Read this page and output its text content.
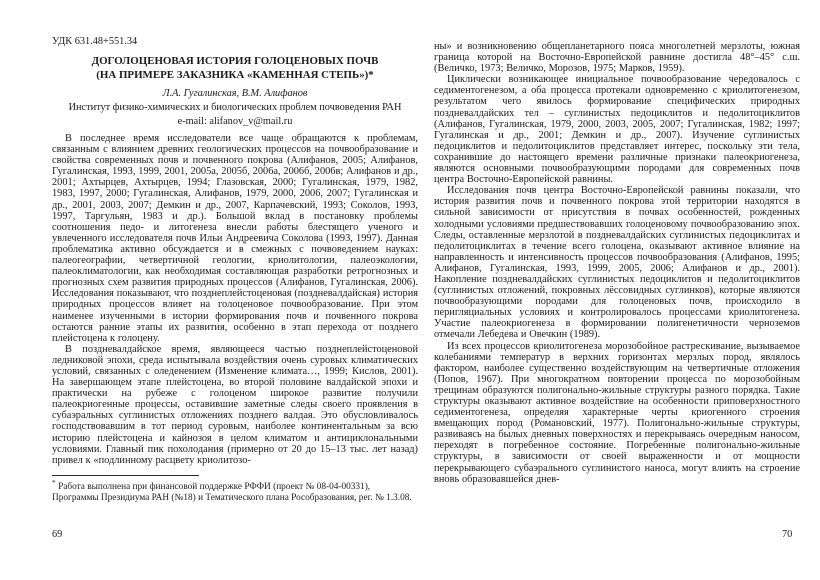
УДК 631.48+551.34

ДОГОЛОЦЕНОВАЯ ИСТОРИЯ ГОЛОЦЕНОВЫХ ПОЧВ
(НА ПРИМЕРЕ ЗАКАЗНИКА «КАМЕННАЯ СТЕПЬ»)*

Л.А. Гугалинская, В.М. Алифанов

Институт физико-химических и биологических проблем почвоведения РАН

e-mail: alifanov_v@mail.ru

В последнее время исследователи все чаще обращаются к проблемам, связанным с влиянием древних геологических процессов на почвообразование и свойства современных почв и почвенного покрова (Алифанов, 2005; Алифанов, Гугалинская, 1993, 1999, 2001, 2005а, 2005б, 2006а, 2006б, 2006в; Алифанов и др., 2001; Ахтырцев, Ахтырцев, 1994; Глазовская, 2000; Гугалинская, 1979, 1982, 1983, 1997, 2000; Гугалинская, Алифанов, 1979, 2000, 2006, 2007; Гугалинская и др., 2001, 2003, 2007; Демкин и др., 2007, Карпачевский, 1993; Соколов, 1993, 1997, Таргульян, 1983 и др.). Большой вклад в постановку проблемы соотношения педо- и литогенеза внесли работы блестящего ученого и увлеченного исследователя почв Ильи Андреевича Соколова (1993, 1997). Данная проблематика активно обсуждается и в смежных с почвоведением науках: палеогеографии, четвертичной геологии, криолитологии, палеоэкологии, палеоклиматологии, как необходимая составляющая разработки ретрогнозных и прогнозных схем развития природных процессов (Алифанов, Гугалинская, 2006). Исследования показывают, что позднеплейстоценовая (поздневалдайская) история природных процессов влияет на голоценовое почвообразование. При этом наименее изученными в истории формирования почв и почвенного покрова остаются ранние этапы их развития, особенно в этап перехода от позднего плейстоцена к голоцену.

В поздневалдайское время, являющееся частью позднеплейстоценовой ледниковой эпохи, среда испытывала воздействия очень суровых климатических условий, связанных с оледенением (Изменение климата…, 1999; Кислов, 2001). На завершающем этапе плейстоцена, во второй половине валдайской эпохи и практически на рубеже с голоценом широкое развитие получили палеокриогенные процессы, оставившие заметные следы своего проявления в субаэральных суглинистых отложениях позднего валдая. Это обусловливалось господствовавшим в тот период суровым, наиболее континентальным за всю историю плейстоцена и кайнозоя в целом климатом и антициклональными условиями. Главный пик похолодания (примерно от 20 до 15–13 тыс. лет назад) привел к «подлинному расцвету криолитозо-

* Работа выполнена при финансовой поддержке РФФИ (проект № 08-04-00331), Программы Президиума РАН (№18) и Тематического плана Рособразования, рег. № 1.3.08.

ны» и возникновению общепланетарного пояса многолетней мерзлоты, южная граница которой на Восточно-Европейской равнине достигла 48°–45° с.ш. (Величко, 1973; Величко, Морозов, 1975; Марков, 1959).

Циклически возникающее инициальное почвообразование чередовалось с седиментогенезом, а оба процесса протекали одновременно с криолитогенезом, результатом чего явилось формирование специфических природных поздневалдайских тел – суглинистых педоциклитов и педолитоциклитов (Алифанов, Гугалинская, 1979, 2000, 2003, 2005, 2007; Гугалинская, 1982; 1997; Гугалинская и др., 2001; Демкин и др., 2007). Изучение суглинистых педоциклитов и педолитоциклитов представляет интерес, поскольку эти тела, сохранившие до настоящего времени различные признаки палеокриогенеза, являются основными почвообразующими породами для современных почв центра Восточно-Европейской равнины.

Исследования почв центра Восточно-Европейской равнины показали, что история развития почв и почвенного покрова этой территории находятся в сильной зависимости от присутствия в почвах особенностей, рожденных холодными условиями предшествовавших голоценовому почвообразованию эпох. Следы, оставленные мерзлотой в поздневалдайских суглинистых педоциклитах и педолитоциклитах в течение всего голоцена, оказывают активное влияние на направленность и интенсивность процессов почвообразования (Алифанов, 1995; Алифанов, Гугалинская, 1993, 1999, 2005, 2006; Алифанов и др., 2001). Накопление поздневалдайских суглинистых педоциклитов и педолитоциклитов (суглинистых отложений, покровных лёссовидных суглинков), которые являются почвообразующими породами для голоценовых почв, происходило в перигляциальных условиях и контролировалось процессами криолитогенеза. Участие палеокриогенеза в формировании полигенетичности черноземов отмечали Лебедева и Овечкин (1989).

Из всех процессов криолитогенеза морозобойное растрескивание, вызываемое колебаниями температур в верхних горизонтах мерзлых пород, являлось фактором, наиболее существенно воздействующим на четвертичные отложения (Попов, 1967). При многократном повторении процесса по морозобойным трещинам образуются полигонально-жильные структуры разного порядка. Такие структуры оказывают активное воздействие на особенности приповерхностного седиментогенеза, определяя характерные черты криогенного строения вмещающих пород (Романовский, 1977). Полигонально-жильные структуры, развиваясь на былых дневных поверхностях и перекрываясь очередным наносом, переходят в погребенное состояние. Погребенные полигонально-жильные структуры, в зависимости от своей выраженности и от мощности перекрывающего субаэрального суглинистого наноса, могут влиять на строение вновь образовавшейся днев-

69	70
